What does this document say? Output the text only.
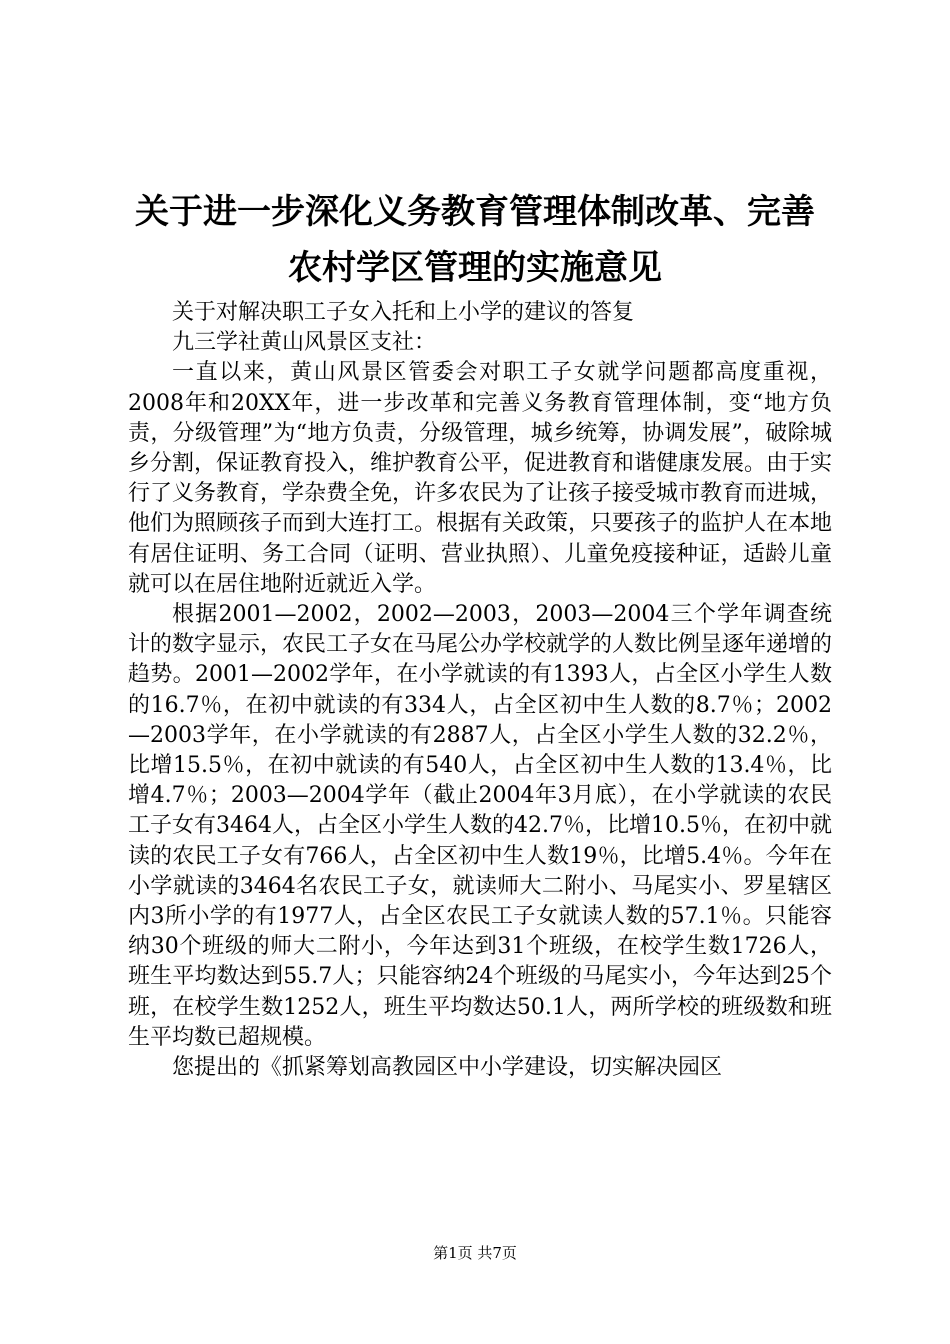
关于进一步深化义务教育管理体制改革、完善
农村学区管理的实施意见

关于对解决职工子女入托和上小学的建议的答复

九三学社黄山风景区支社：

一直以来，黄山风景区管委会对职工子女就学问题都高度重视，2008年和20XX年，进一步改革和完善义务教育管理体制，变“地方负责，分级管理”为“地方负责，分级管理，城乡统筹，协调发展”，破除城乡分割，保证教育投入，维护教育公平，促进教育和谐健康发展。由于实行了义务教育，学杂费全免，许多农民为了让孩子接受城市教育而进城，他们为照顾孩子而到大连打工。根据有关政策，只要孩子的监护人在本地有居住证明、务工合同（证明、营业执照）、儿童免疫接种证，适龄儿童就可以在居住地附近就近入学。

根据2001—2002，2002—2003，2003—2004三个学年调查统计的数字显示，农民工子女在马尾公办学校就学的人数比例呈逐年递增的趋势。2001—2002学年，在小学就读的有1393人，占全区小学生人数的16.7％，在初中就读的有334人，占全区初中生人数的8.7％；2002—2003学年，在小学就读的有2887人，占全区小学生人数的32.2％，比增15.5％，在初中就读的有540人，占全区初中生人数的13.4％，比增4.7％；2003—2004学年（截止2004年3月底），在小学就读的农民工子女有3464人，占全区小学生人数的42.7％，比增10.5％，在初中就读的农民工子女有766人，占全区初中生人数19％，比增5.4％。今年在小学就读的3464名农民工子女，就读师大二附小、马尾实小、罗星辖区内3所小学的有1977人，占全区农民工子女就读人数的57.1％。只能容纳30个班级的师大二附小，今年达到31个班级，在校学生数1726人，班生平均数达到55.7人；只能容纳24个班级的马尾实小，今年达到25个班，在校学生数1252人，班生平均数达50.1人，两所学校的班级数和班生平均数已超规模。

您提出的《抓紧筹划高教园区中小学建设，切实解决园区

第1页 共7页
